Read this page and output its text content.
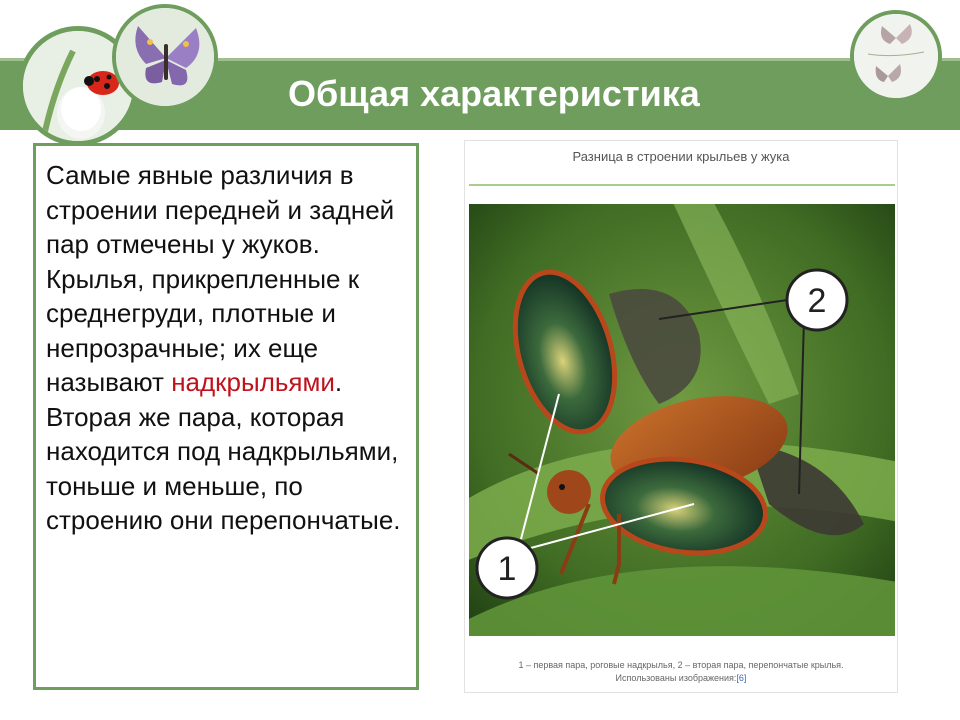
Общая характеристика

Самые явные различия в строении передней и задней пар отмечены у жуков. Крылья, прикрепленные к среднегруди, плотные и непрозрачные; их еще называют надкрыльями. Вторая же пара, которая находится под надкрыльями, тоньше и меньше, по строению они перепончатые.

Разница в строении крыльев у жука
2
1
1 – первая пара, роговые надкрылья, 2 – вторая пара, перепончатые крылья.
Использованы изображения:[6]
